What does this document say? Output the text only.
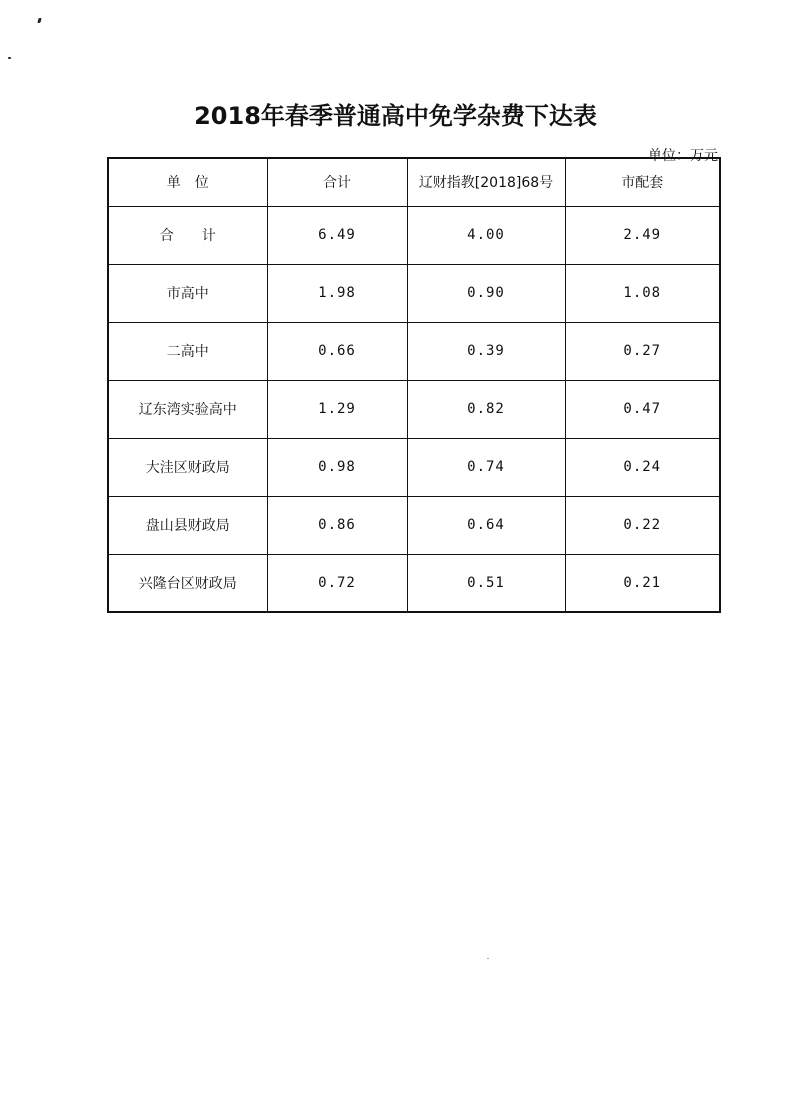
2018年春季普通高中免学杂费下达表
单位：万元
单　位	合计	辽财指教[2018]68号	市配套
合　　计	6.49	4.00	2.49
市高中	1.98	0.90	1.08
二高中	0.66	0.39	0.27
辽东湾实验高中	1.29	0.82	0.47
大洼区财政局	0.98	0.74	0.24
盘山县财政局	0.86	0.64	0.22
兴隆台区财政局	0.72	0.51	0.21
